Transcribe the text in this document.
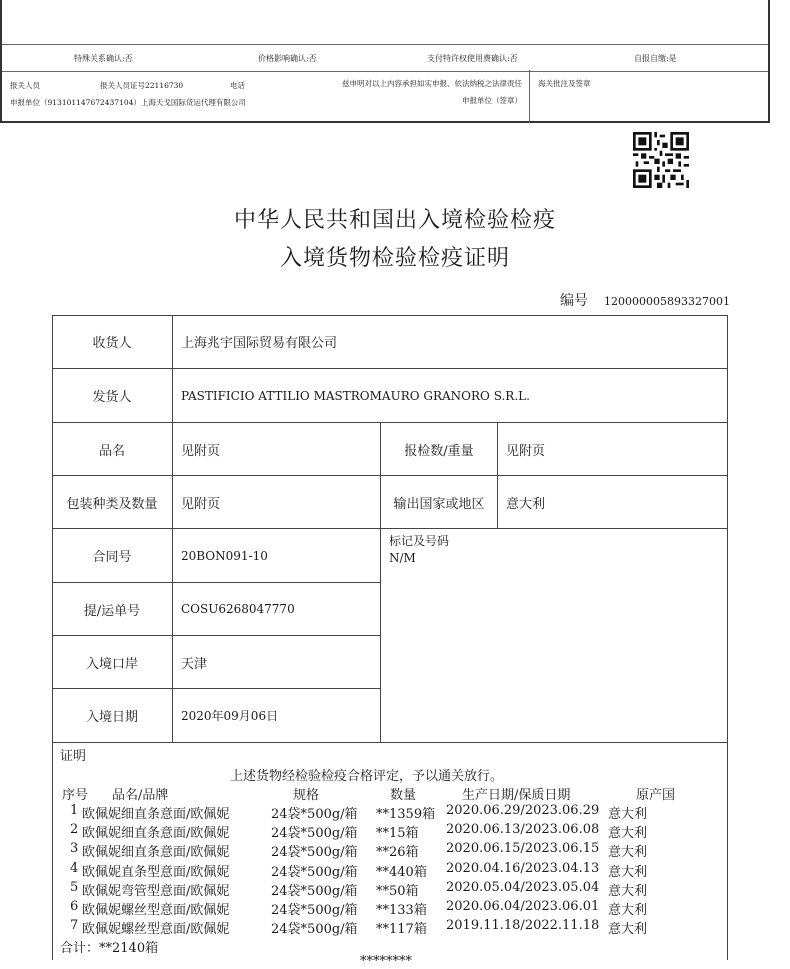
特殊关系确认:否	价格影响确认:否	支付特许权使用费确认:否	自报自缴:是
报关人员	报关人员证号22116730	电话	兹申明对以上内容承担如实申报、依法纳税之法律责任
申报单位（913101147672437104）上海天戈国际货运代理有限公司	申报单位（签章）
海关批注及签章
中华人民共和国出入境检验检疫
入境货物检验检疫证明
编号 120000005893327001
收货人	上海兆宇国际贸易有限公司
发货人	PASTIFICIO ATTILIO MASTROMAURO GRANORO S.R.L.
品名	见附页	报检数/重量	见附页
包装种类及数量	见附页	输出国家或地区	意大利
合同号	20BON091-10
提/运单号	COSU6268047770
入境口岸	天津
入境日期	2020年09月06日
标记及号码
N/M
证明
上述货物经检验检疫合格评定，予以通关放行。
序号 品名/品牌	规格	数量	生产日期/保质日期	原产国
1 欧佩妮细直条意面/欧佩妮	24袋*500g/箱 **1359箱 2020.06.29/2023.06.29 意大利
2 欧佩妮细直条意面/欧佩妮	24袋*500g/箱 **15箱 2020.06.13/2023.06.08 意大利
3 欧佩妮细直条意面/欧佩妮	24袋*500g/箱 **26箱 2020.06.15/2023.06.15 意大利
4 欧佩妮直条型意面/欧佩妮	24袋*500g/箱 **440箱 2020.04.16/2023.04.13 意大利
5 欧佩妮弯管型意面/欧佩妮	24袋*500g/箱 **50箱 2020.05.04/2023.05.04 意大利
6 欧佩妮螺丝型意面/欧佩妮	24袋*500g/箱 **133箱 2020.06.04/2023.06.01 意大利
7 欧佩妮螺丝型意面/欧佩妮	24袋*500g/箱 **117箱 2019.11.18/2022.11.18 意大利
合计：**2140箱
********
